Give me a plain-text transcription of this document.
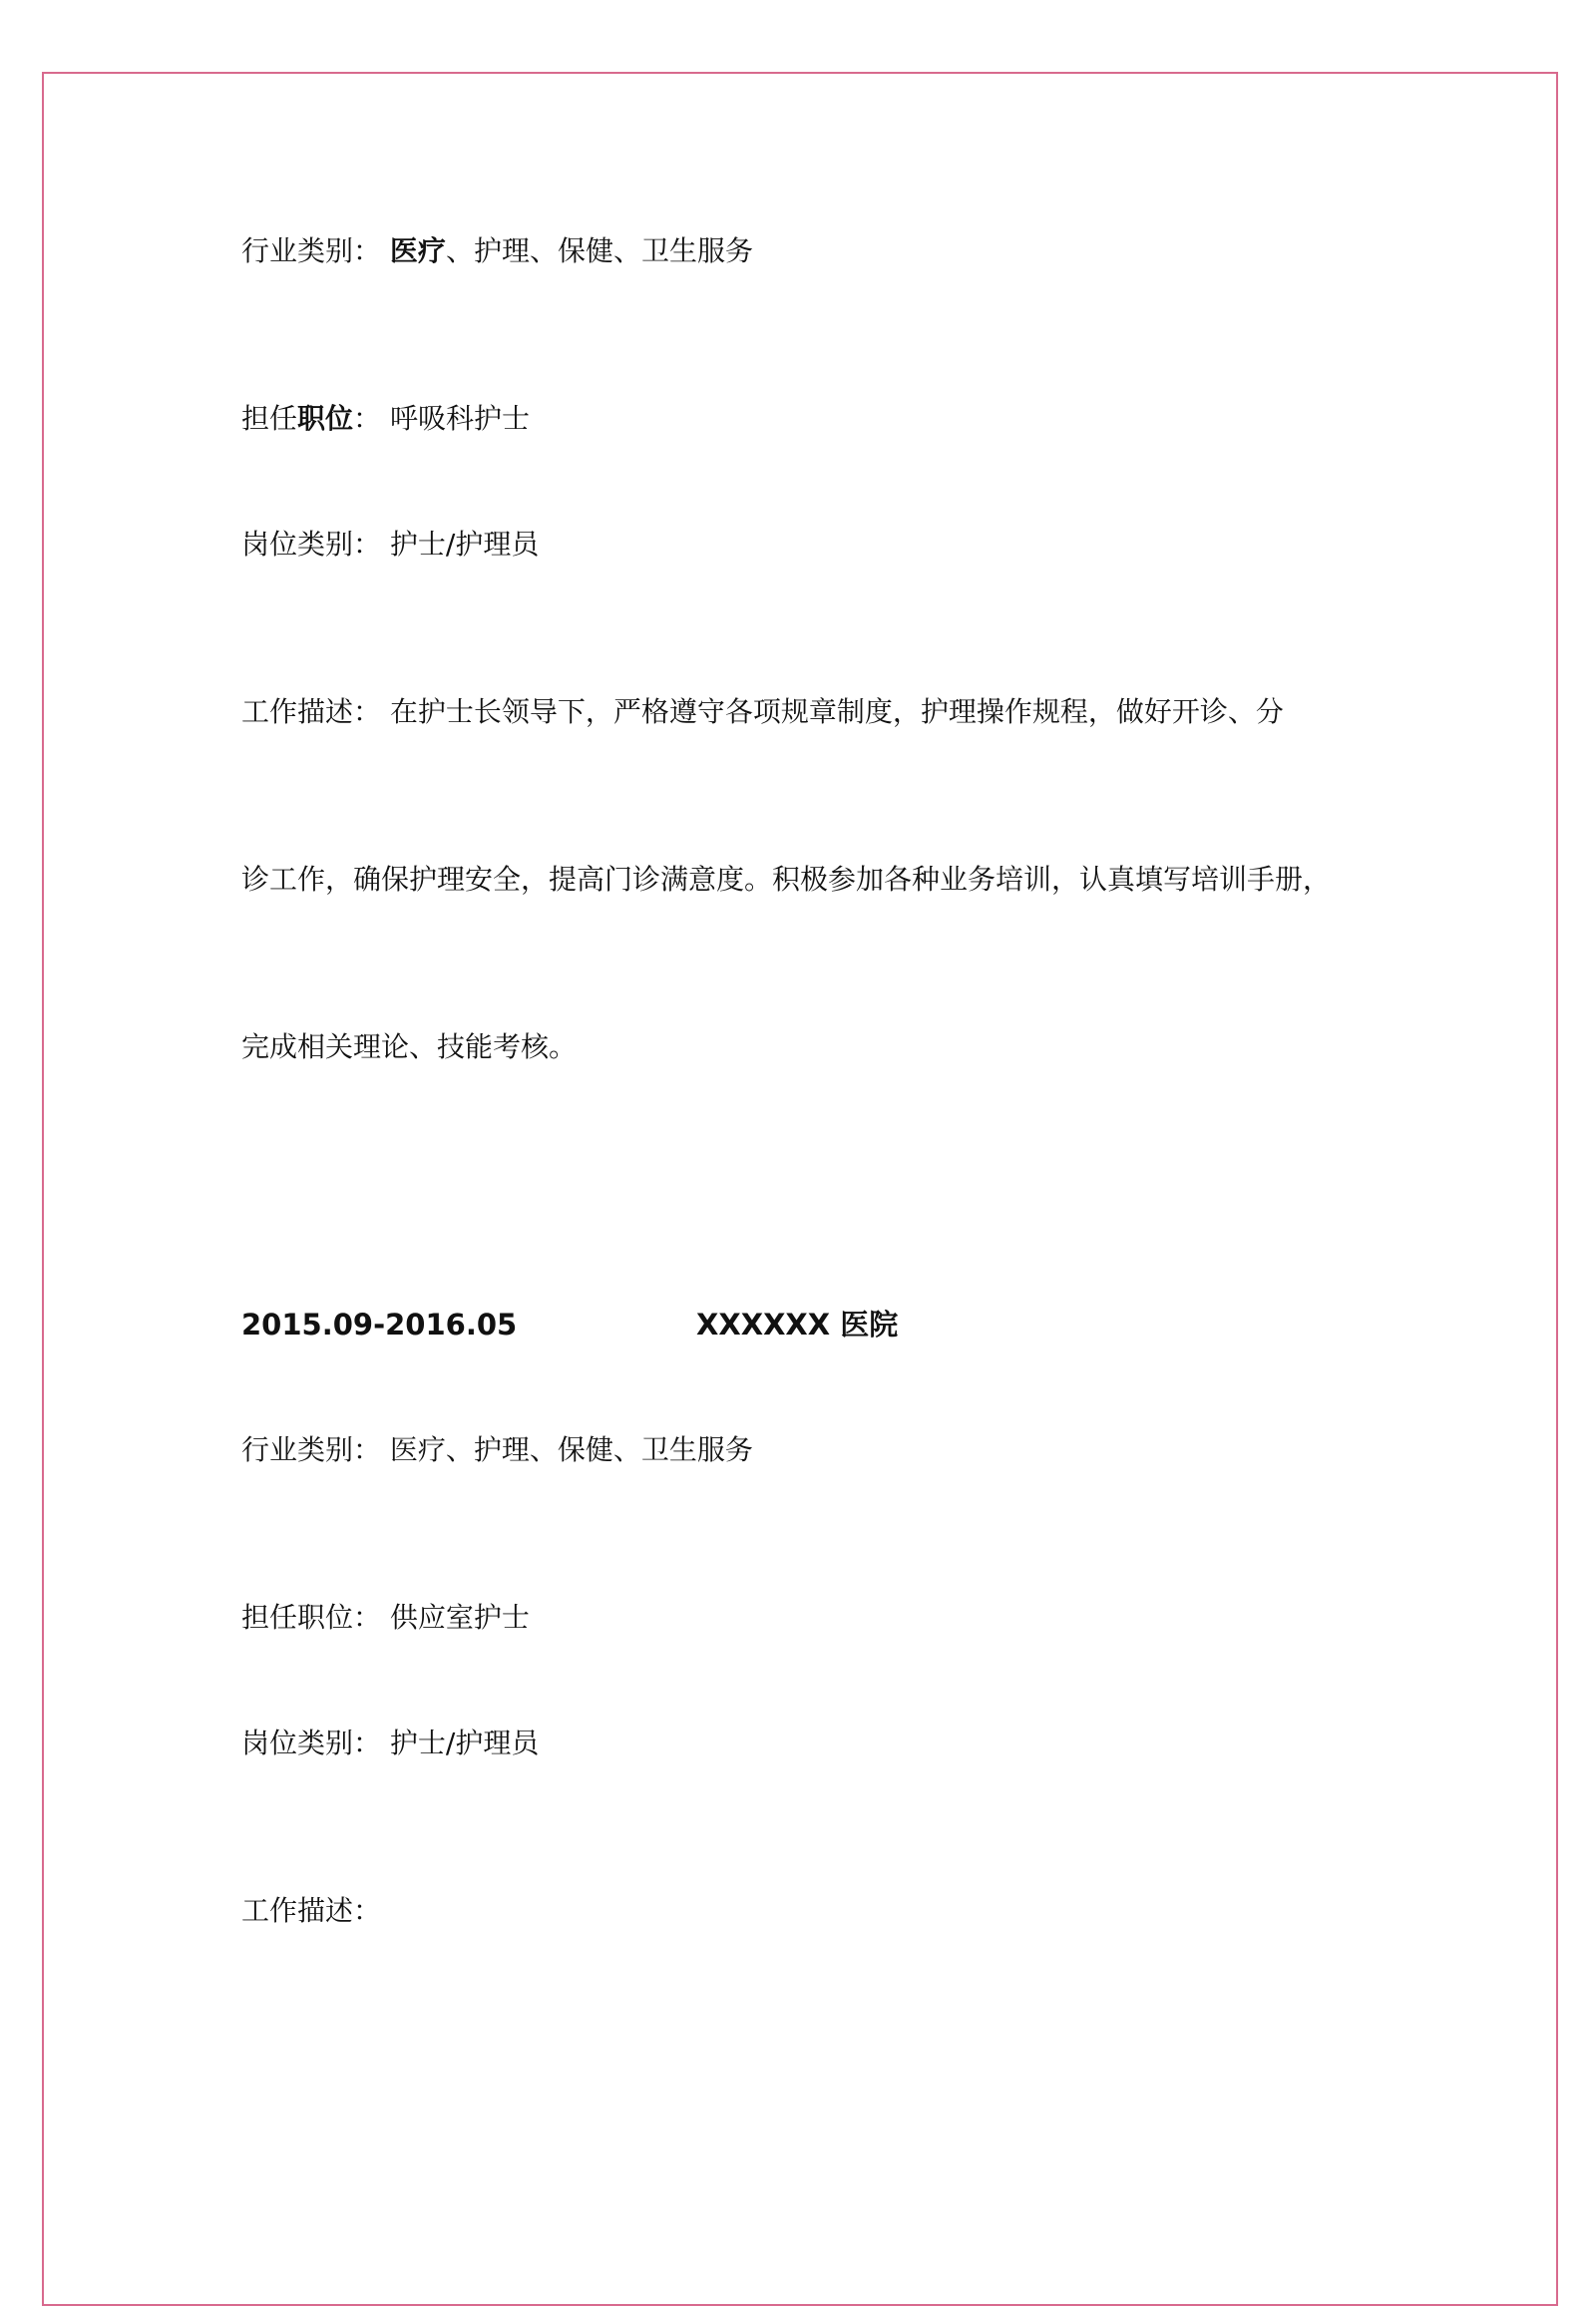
行业类别： 医疗、护理、保健、卫生服务
担任职位： 呼吸科护士
岗位类别： 护士/护理员
工作描述： 在护士长领导下，严格遵守各项规章制度，护理操作规程，做好开诊、分
诊工作，确保护理安全，提高门诊满意度。积极参加各种业务培训，认真填写培训手册，
完成相关理论、技能考核。
2015.09-2016.05	XXXXXX 医院
行业类别： 医疗、护理、保健、卫生服务
担任职位： 供应室护士
岗位类别： 护士/护理员
工作描述：
